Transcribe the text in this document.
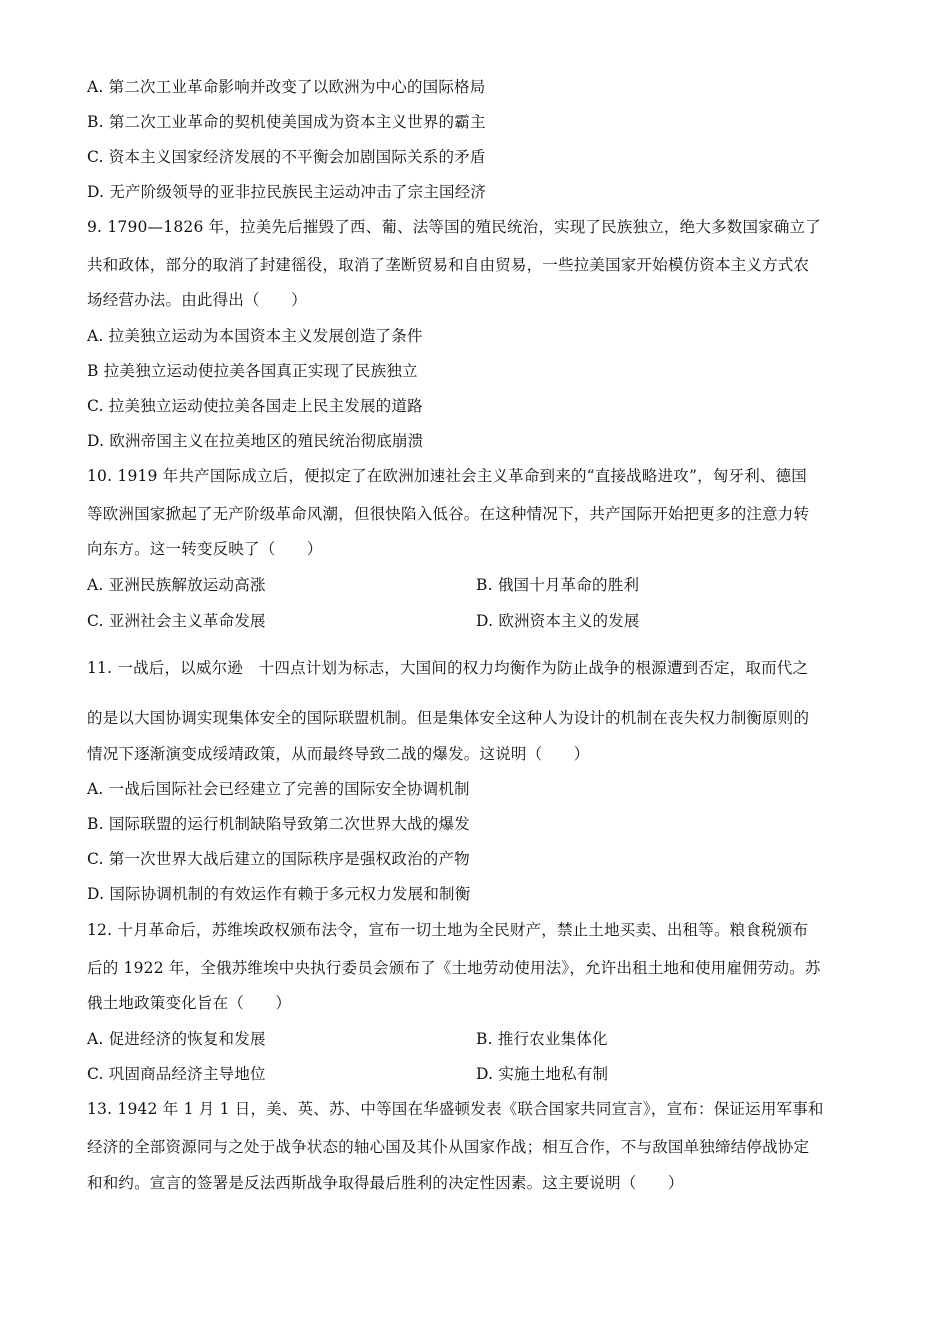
A. 第二次工业革命影响并改变了以欧洲为中心的国际格局
B. 第二次工业革命的契机使美国成为资本主义世界的霸主
C. 资本主义国家经济发展的不平衡会加剧国际关系的矛盾
D. 无产阶级领导的亚非拉民族民主运动冲击了宗主国经济
9. 1790—1826 年，拉美先后摧毁了西、葡、法等国的殖民统治，实现了民族独立，绝大多数国家确立了
共和政体，部分的取消了封建徭役，取消了垄断贸易和自由贸易，一些拉美国家开始模仿资本主义方式农
场经营办法。由此得出（　　）
A. 拉美独立运动为本国资本主义发展创造了条件
B 拉美独立运动使拉美各国真正实现了民族独立
C. 拉美独立运动使拉美各国走上民主发展的道路
D. 欧洲帝国主义在拉美地区的殖民统治彻底崩溃
10. 1919 年共产国际成立后，便拟定了在欧洲加速社会主义革命到来的“直接战略进攻”，匈牙利、德国
等欧洲国家掀起了无产阶级革命风潮，但很快陷入低谷。在这种情况下，共产国际开始把更多的注意力转
向东方。这一转变反映了（　　）
A. 亚洲民族解放运动高涨	B. 俄国十月革命的胜利
C. 亚洲社会主义革命发展	D. 欧洲资本主义的发展
11. 一战后，以威尔逊　十四点计划为标志，大国间的权力均衡作为防止战争的根源遭到否定，取而代之
的是以大国协调实现集体安全的国际联盟机制。但是集体安全这种人为设计的机制在丧失权力制衡原则的
情况下逐渐演变成绥靖政策，从而最终导致二战的爆发。这说明（　　）
A. 一战后国际社会已经建立了完善的国际安全协调机制
B. 国际联盟的运行机制缺陷导致第二次世界大战的爆发
C. 第一次世界大战后建立的国际秩序是强权政治的产物
D. 国际协调机制的有效运作有赖于多元权力发展和制衡
12. 十月革命后，苏维埃政权颁布法令，宣布一切土地为全民财产，禁止土地买卖、出租等。粮食税颁布
后的 1922 年，全俄苏维埃中央执行委员会颁布了《土地劳动使用法》，允许出租土地和使用雇佣劳动。苏
俄土地政策变化旨在（　　）
A. 促进经济的恢复和发展	B. 推行农业集体化
C. 巩固商品经济主导地位	D. 实施土地私有制
13. 1942 年 1 月 1 日，美、英、苏、中等国在华盛顿发表《联合国家共同宣言》，宣布：保证运用军事和
经济的全部资源同与之处于战争状态的轴心国及其仆从国家作战；相互合作，不与敌国单独缔结停战协定
和和约。宣言的签署是反法西斯战争取得最后胜利的决定性因素。这主要说明（　　）
